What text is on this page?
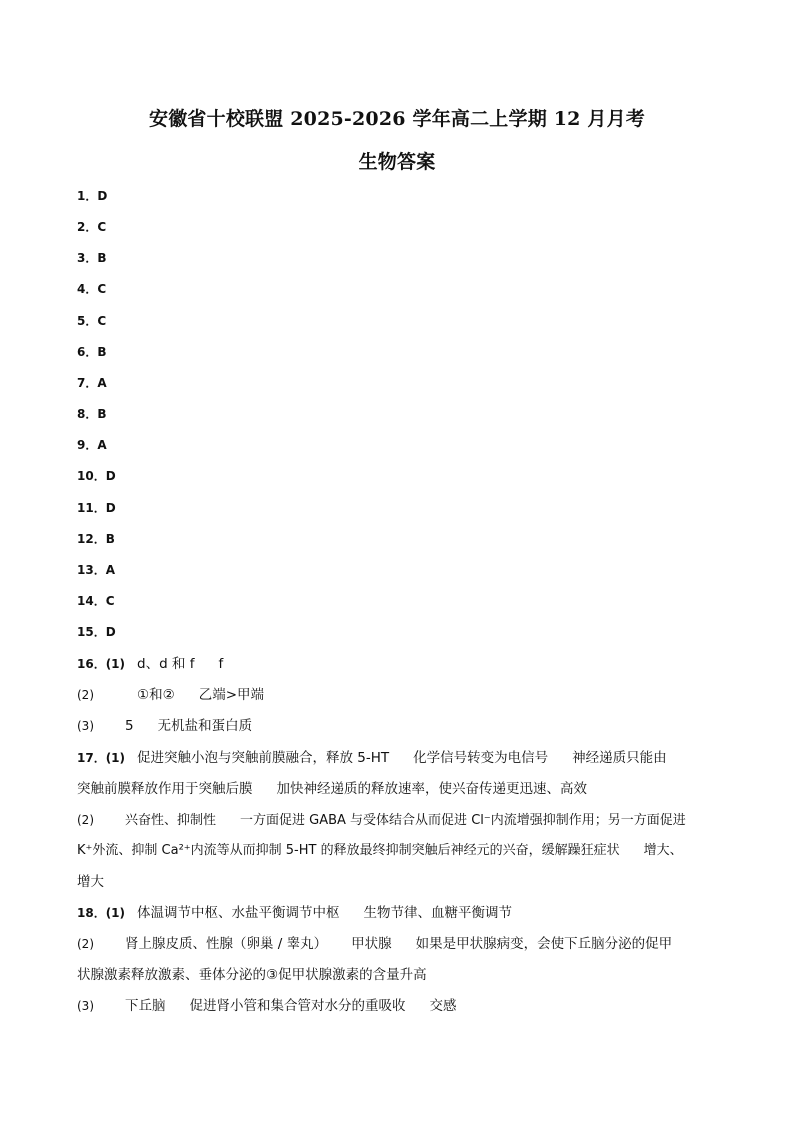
安徽省十校联盟 2025-2026 学年高二上学期 12 月月考
生物答案
1．D
2．C
3．B
4．C
5．C
6．B
7．A
8．B
9．A
10．D
11．D
12．B
13．A
14．C
15．D
16．(1) d、d 和 f f
(2)	①和② 乙端>甲端
(3) 5 无机盐和蛋白质
17．(1) 促进突触小泡与突触前膜融合，释放 5-HT 化学信号转变为电信号 神经递质只能由
突触前膜释放作用于突触后膜 加快神经递质的释放速率，使兴奋传递更迅速、高效
(2) 兴奋性、抑制性 一方面促进 GABA 与受体结合从而促进 Cl⁻内流增强抑制作用；另一方面促进
K⁺外流、抑制 Ca²⁺内流等从而抑制 5-HT 的释放最终抑制突触后神经元的兴奋，缓解躁狂症状 增大、
增大
18．(1) 体温调节中枢、水盐平衡调节中枢 生物节律、血糖平衡调节
(2) 肾上腺皮质、性腺（卵巢 / 睾丸） 甲状腺 如果是甲状腺病变，会使下丘脑分泌的促甲
状腺激素释放激素、垂体分泌的③促甲状腺激素的含量升高
(3) 下丘脑 促进肾小管和集合管对水分的重吸收 交感
